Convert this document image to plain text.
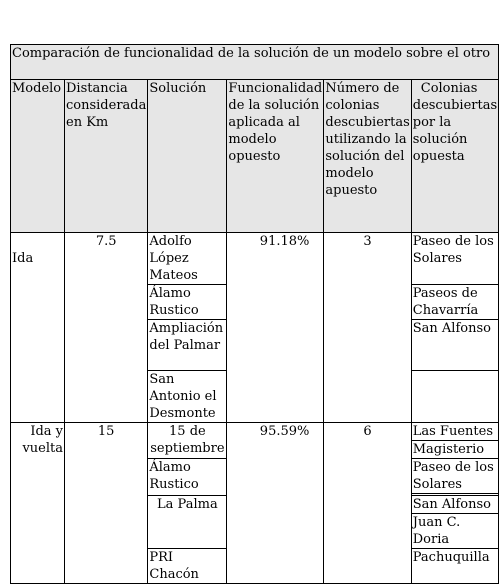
Comparación de funcionalidad de la solución de un modelo sobre el otro					
Modelo	Distancia considerada en Km	Solución	Funcionalidad de la solución aplicada al modelo opuesto	Número de colonias descubiertas utilizando la solución del modelo apuesto	Colonias descubiertas por la solución opuesta

Ida	7.5	Adolfo López Mateos	91.18%	3	Paseo de los Solares
		Álamo Rustico			Paseos de Chavarría
		Ampliación del Palmar			San Alfonso
		San Antonio el Desmonte			
Ida y vuelta	15	15 de septiembre	95.59%	6	Las Fuentes
					Magisterio
		Álamo Rustico			Paseo de los Solares

		La Palma			San Alfonso
					Juan C. Doria
		PRI Chacón			Pachuquilla
